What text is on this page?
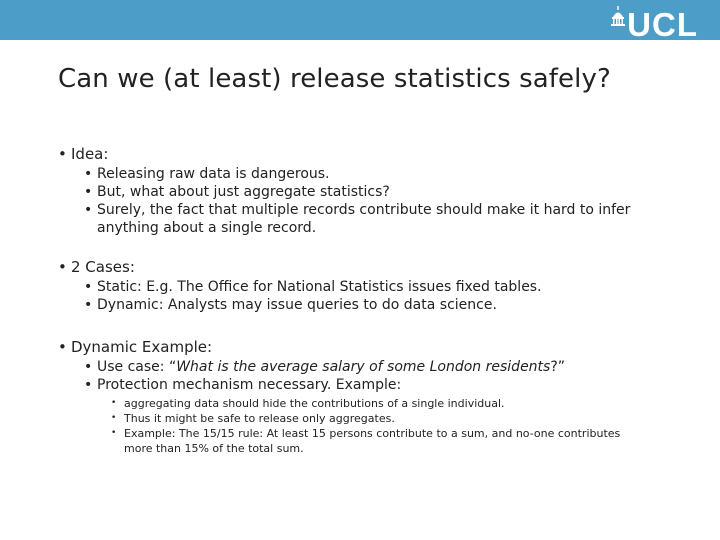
UCL
Can we (at least) release statistics safely?
• Idea:
• Releasing raw data is dangerous.
• But, what about just aggregate statistics?
• Surely, the fact that multiple records contribute should make it hard to infer anything about a single record.
• 2 Cases:
• Static: E.g. The Office for National Statistics issues fixed tables.
• Dynamic: Analysts may issue queries to do data science.
• Dynamic Example:
• Use case: “What is the average salary of some London residents?”
• Protection mechanism necessary. Example:
• aggregating data should hide the contributions of a single individual.
• Thus it might be safe to release only aggregates.
• Example: The 15/15 rule: At least 15 persons contribute to a sum, and no-one contributes more than 15% of the total sum.
